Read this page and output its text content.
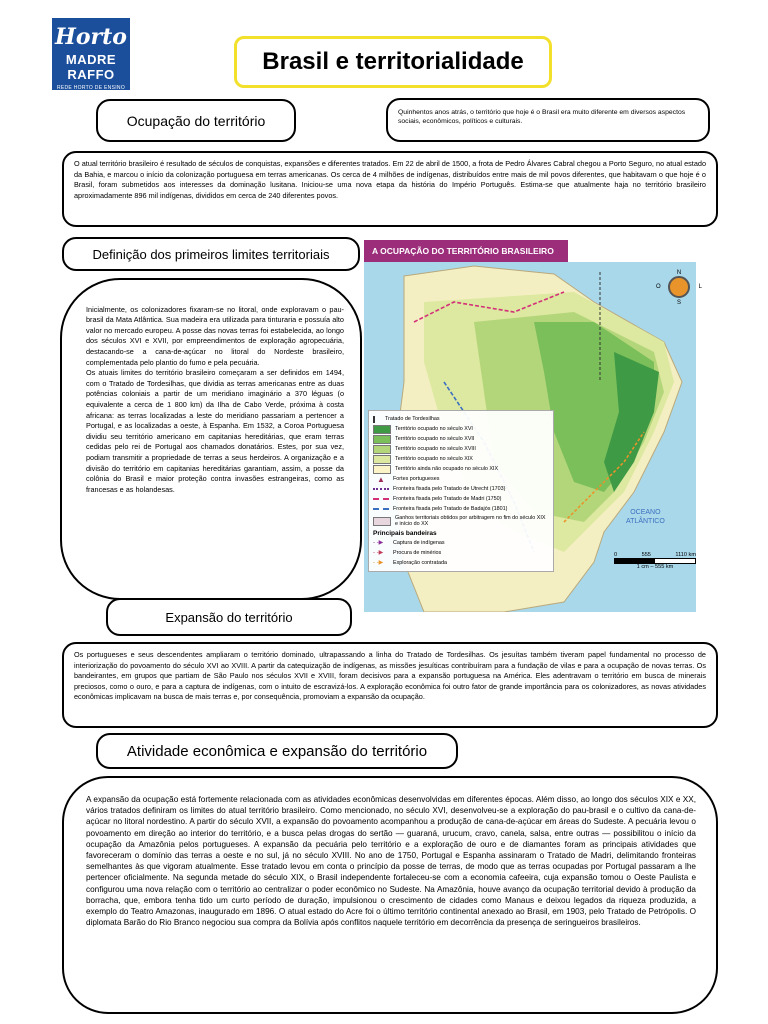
Horto
MADRE RAFFO
REDE HORTO DE ENSINO
Brasil e territorialidade
Ocupação do território	Quinhentos anos atrás, o território que hoje é o Brasil era muito diferente em diversos aspectos sociais, econômicos, políticos e culturais.
O atual território brasileiro é resultado de séculos de conquistas, expansões e diferentes tratados. Em 22 de abril de 1500, a frota de Pedro Álvares Cabral chegou a Porto Seguro, no atual estado da Bahia, e marcou o início da colonização portuguesa em terras americanas. Os cerca de 4 milhões de indígenas, distribuídos entre mais de mil povos diferentes, que habitavam o que hoje é o Brasil, foram submetidos aos interesses da dominação lusitana. Iniciou-se uma nova etapa da história do Império Português. Estima-se que atualmente haja no território brasileiro aproximadamente 896 mil indígenas, divididos em cerca de 240 diferentes povos.
Definição dos primeiros limites territoriais

Inicialmente, os colonizadores fixaram-se no litoral, onde exploravam o pau-brasil da Mata Atlântica. Sua madeira era utilizada para tinturaria e possuía alto valor no mercado europeu. A posse das novas terras foi estabelecida, ao longo dos séculos XVI e XVII, por empreendimentos de exploração agropecuária, destacando-se a cana-de-açúcar no litoral do Nordeste brasileiro, complementada pelo plantio do fumo e pela pecuária.
Os atuais limites do território brasileiro começaram a ser definidos em 1494, com o Tratado de Tordesilhas, que dividia as terras americanas entre as duas potências coloniais a partir de um meridiano imaginário a 370 léguas (o equivalente a cerca de 1 800 km) da Ilha de Cabo Verde, próxima à costa africana: as terras localizadas a leste do meridiano passariam a pertencer a Portugal, e as localizadas a oeste, à Espanha. Em 1532, a Coroa Portuguesa dividiu seu território americano em capitanias hereditárias, que eram terras cedidas pelo rei de Portugal aos chamados donatários. Estes, por sua vez, podiam transmitir a propriedade de terras a seus herdeiros. A organização e a divisão do território em capitanias hereditárias garantiam, assim, a posse da colônia do Brasil e maior proteção contra invasões estrangeiras, como as francesas e as holandesas.

A OCUPAÇÃO DO TERRITÓRIO BRASILEIRO
N
O	L
S
OCEANO
ATLÂNTICO
0	555	1110 km
1 cm – 555 km
Tratado de Tordesilhas
Território ocupado no século XVI
Território ocupado no século XVII
Território ocupado no século XVIII
Território ocupado no século XIX
Território ainda não ocupado no século XIX
▲	Fortes portugueses
Fronteira fixada pelo Tratado de Utrecht (1703)
Fronteira fixada pelo Tratado de Madri (1750)
Fronteira fixada pelo Tratado de Badajós (1801)
Ganhos territoriais obtidos por arbitragem no fim do século XIX e início do XX
Principais bandeiras
- -▶	Captura de indígenas
- -▶	Procura de minérios
- -▶	Exploração contratada
Expansão do território
Os portugueses e seus descendentes ampliaram o território dominado, ultrapassando a linha do Tratado de Tordesilhas. Os jesuítas também tiveram papel fundamental no processo de interiorização do povoamento do século XVI ao XVIII. A partir da catequização de indígenas, as missões jesuíticas contribuíram para a fundação de vilas e para a ocupação de novas terras. Os bandeirantes, em grupos que partiam de São Paulo nos séculos XVII e XVIII, foram decisivos para a expansão portuguesa na América. Eles adentravam o território em busca de minerais preciosos, como o ouro, e para a captura de indígenas, com o intuito de escravizá-los. A exploração econômica foi outro fator de grande importância para os colonizadores, as novas atividades econômicas implicavam na busca de mais terras e, por consequência, promoviam a expansão da ocupação.
Atividade econômica e expansão do território
A expansão da ocupação está fortemente relacionada com as atividades econômicas desenvolvidas em diferentes épocas. Além disso, ao longo dos séculos XIX e XX, vários tratados definiram os limites do atual território brasileiro. Como mencionado, no século XVI, desenvolveu-se a exploração do pau-brasil e o cultivo da cana-de-açúcar no litoral nordestino. A partir do século XVII, a expansão do povoamento acompanhou a produção de cana-de-açúcar em áreas do Sudeste. A pecuária levou o povoamento em direção ao interior do território, e a busca pelas drogas do sertão — guaraná, urucum, cravo, canela, salsa, entre outras — possibilitou o início da ocupação da Amazônia pelos portugueses. A expansão da pecuária pelo território e a exploração de ouro e de diamantes foram as principais atividades que favoreceram o domínio das terras a oeste e no sul, já no século XVIII. No ano de 1750, Portugal e Espanha assinaram o Tratado de Madri, delimitando fronteiras semelhantes às que vigoram atualmente. Esse tratado levou em conta o princípio da posse de terras, de modo que as terras ocupadas por Portugal passaram a lhe pertencer oficialmente. Na segunda metade do século XIX, o Brasil independente fortaleceu-se com a economia cafeeira, cuja expansão tomou o Oeste Paulista e configurou uma nova relação com o território ao centralizar o poder econômico no Sudeste. Na Amazônia, houve avanço da ocupação territorial devido à produção da borracha, que, embora tenha tido um curto período de duração, impulsionou o crescimento de cidades como Manaus e deixou legados da riqueza produzida, a exemplo do Teatro Amazonas, inaugurado em 1896. O atual estado do Acre foi o último território continental anexado ao Brasil, em 1903, pelo Tratado de Petrópolis. O diplomata Barão do Rio Branco negociou sua compra da Bolívia após conflitos naquele território em decorrência da presença de seringueiros brasileiros.
